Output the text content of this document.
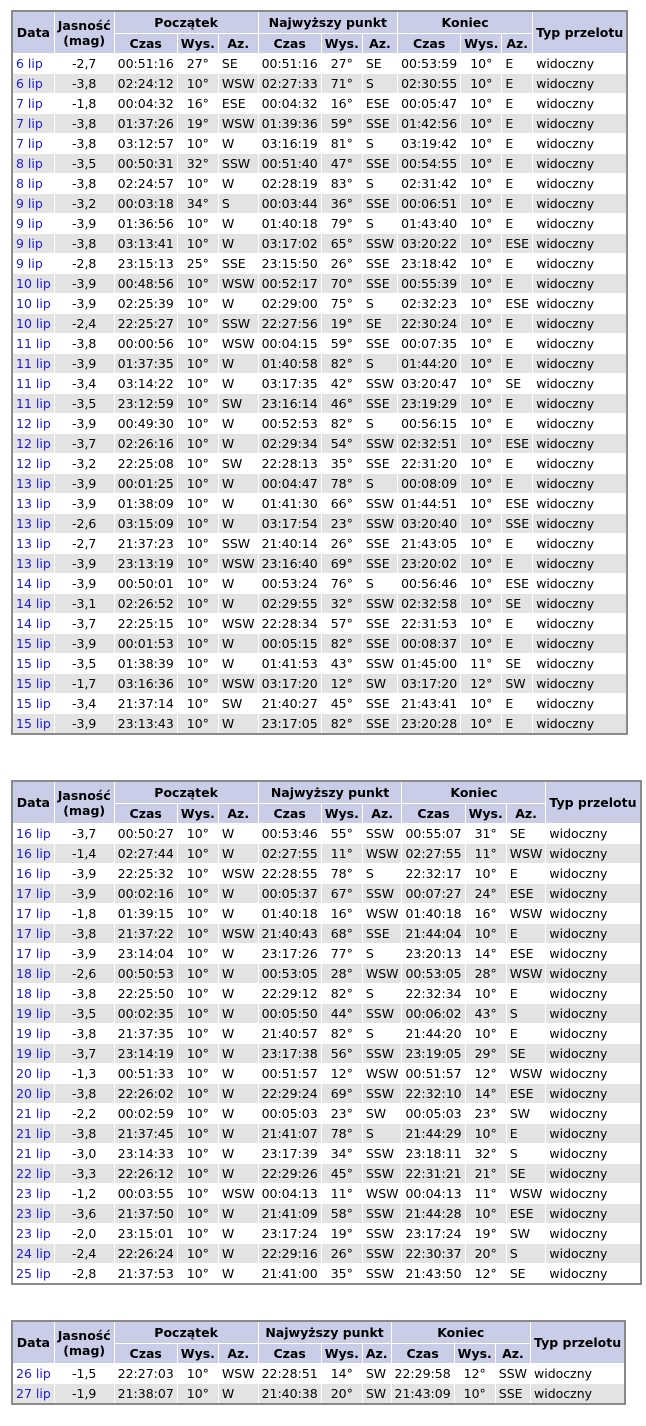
Data	Jasność
(mag)	Początek			Najwyższy punkt			Koniec			Typ przelotu
		Czas	Wys.	Az.	Czas	Wys.	Az.	Czas	Wys.	Az.	
6 lip	-2,7	00:51:16	27°	SE	00:51:16	27°	SE	00:53:59	10°	E	widoczny
6 lip	-3,8	02:24:12	10°	WSW	02:27:33	71°	S	02:30:55	10°	E	widoczny
7 lip	-1,8	00:04:32	16°	ESE	00:04:32	16°	ESE	00:05:47	10°	E	widoczny
7 lip	-3,8	01:37:26	19°	WSW	01:39:36	59°	SSE	01:42:56	10°	E	widoczny
7 lip	-3,8	03:12:57	10°	W	03:16:19	81°	S	03:19:42	10°	E	widoczny
8 lip	-3,5	00:50:31	32°	SSW	00:51:40	47°	SSE	00:54:55	10°	E	widoczny
8 lip	-3,8	02:24:57	10°	W	02:28:19	83°	S	02:31:42	10°	E	widoczny
9 lip	-3,2	00:03:18	34°	S	00:03:44	36°	SSE	00:06:51	10°	E	widoczny
9 lip	-3,9	01:36:56	10°	W	01:40:18	79°	S	01:43:40	10°	E	widoczny
9 lip	-3,8	03:13:41	10°	W	03:17:02	65°	SSW	03:20:22	10°	ESE	widoczny
9 lip	-2,8	23:15:13	25°	SSE	23:15:50	26°	SSE	23:18:42	10°	E	widoczny
10 lip	-3,9	00:48:56	10°	WSW	00:52:17	70°	SSE	00:55:39	10°	E	widoczny
10 lip	-3,9	02:25:39	10°	W	02:29:00	75°	S	02:32:23	10°	ESE	widoczny
10 lip	-2,4	22:25:27	10°	SSW	22:27:56	19°	SE	22:30:24	10°	E	widoczny
11 lip	-3,8	00:00:56	10°	WSW	00:04:15	59°	SSE	00:07:35	10°	E	widoczny
11 lip	-3,9	01:37:35	10°	W	01:40:58	82°	S	01:44:20	10°	E	widoczny
11 lip	-3,4	03:14:22	10°	W	03:17:35	42°	SSW	03:20:47	10°	SE	widoczny
11 lip	-3,5	23:12:59	10°	SW	23:16:14	46°	SSE	23:19:29	10°	E	widoczny
12 lip	-3,9	00:49:30	10°	W	00:52:53	82°	S	00:56:15	10°	E	widoczny
12 lip	-3,7	02:26:16	10°	W	02:29:34	54°	SSW	02:32:51	10°	ESE	widoczny
12 lip	-3,2	22:25:08	10°	SW	22:28:13	35°	SSE	22:31:20	10°	E	widoczny
13 lip	-3,9	00:01:25	10°	W	00:04:47	78°	S	00:08:09	10°	E	widoczny
13 lip	-3,9	01:38:09	10°	W	01:41:30	66°	SSW	01:44:51	10°	ESE	widoczny
13 lip	-2,6	03:15:09	10°	W	03:17:54	23°	SSW	03:20:40	10°	SSE	widoczny
13 lip	-2,7	21:37:23	10°	SSW	21:40:14	26°	SSE	21:43:05	10°	E	widoczny
13 lip	-3,9	23:13:19	10°	WSW	23:16:40	69°	SSE	23:20:02	10°	E	widoczny
14 lip	-3,9	00:50:01	10°	W	00:53:24	76°	S	00:56:46	10°	ESE	widoczny
14 lip	-3,1	02:26:52	10°	W	02:29:55	32°	SSW	02:32:58	10°	SE	widoczny
14 lip	-3,7	22:25:15	10°	WSW	22:28:34	57°	SSE	22:31:53	10°	E	widoczny
15 lip	-3,9	00:01:53	10°	W	00:05:15	82°	SSE	00:08:37	10°	E	widoczny
15 lip	-3,5	01:38:39	10°	W	01:41:53	43°	SSW	01:45:00	11°	SE	widoczny
15 lip	-1,7	03:16:36	10°	WSW	03:17:20	12°	SW	03:17:20	12°	SW	widoczny
15 lip	-3,4	21:37:14	10°	SW	21:40:27	45°	SSE	21:43:41	10°	E	widoczny
15 lip	-3,9	23:13:43	10°	W	23:17:05	82°	SSE	23:20:28	10°	E	widoczny
Data	Jasność
(mag)	Początek			Najwyższy punkt			Koniec			Typ przelotu
		Czas	Wys.	Az.	Czas	Wys.	Az.	Czas	Wys.	Az.	
16 lip	-3,7	00:50:27	10°	W	00:53:46	55°	SSW	00:55:07	31°	SE	widoczny
16 lip	-1,4	02:27:44	10°	W	02:27:55	11°	WSW	02:27:55	11°	WSW	widoczny
16 lip	-3,9	22:25:32	10°	WSW	22:28:55	78°	S	22:32:17	10°	E	widoczny
17 lip	-3,9	00:02:16	10°	W	00:05:37	67°	SSW	00:07:27	24°	ESE	widoczny
17 lip	-1,8	01:39:15	10°	W	01:40:18	16°	WSW	01:40:18	16°	WSW	widoczny
17 lip	-3,8	21:37:22	10°	WSW	21:40:43	68°	SSE	21:44:04	10°	E	widoczny
17 lip	-3,9	23:14:04	10°	W	23:17:26	77°	S	23:20:13	14°	ESE	widoczny
18 lip	-2,6	00:50:53	10°	W	00:53:05	28°	WSW	00:53:05	28°	WSW	widoczny
18 lip	-3,8	22:25:50	10°	W	22:29:12	82°	S	22:32:34	10°	E	widoczny
19 lip	-3,5	00:02:35	10°	W	00:05:50	44°	SSW	00:06:02	43°	S	widoczny
19 lip	-3,8	21:37:35	10°	W	21:40:57	82°	S	21:44:20	10°	E	widoczny
19 lip	-3,7	23:14:19	10°	W	23:17:38	56°	SSW	23:19:05	29°	SE	widoczny
20 lip	-1,3	00:51:33	10°	W	00:51:57	12°	WSW	00:51:57	12°	WSW	widoczny
20 lip	-3,8	22:26:02	10°	W	22:29:24	69°	SSW	22:32:10	14°	ESE	widoczny
21 lip	-2,2	00:02:59	10°	W	00:05:03	23°	SW	00:05:03	23°	SW	widoczny
21 lip	-3,8	21:37:45	10°	W	21:41:07	78°	S	21:44:29	10°	E	widoczny
21 lip	-3,0	23:14:33	10°	W	23:17:39	34°	SSW	23:18:11	32°	S	widoczny
22 lip	-3,3	22:26:12	10°	W	22:29:26	45°	SSW	22:31:21	21°	SE	widoczny
23 lip	-1,2	00:03:55	10°	WSW	00:04:13	11°	WSW	00:04:13	11°	WSW	widoczny
23 lip	-3,6	21:37:50	10°	W	21:41:09	58°	SSW	21:44:28	10°	ESE	widoczny
23 lip	-2,0	23:15:01	10°	W	23:17:24	19°	SSW	23:17:24	19°	SW	widoczny
24 lip	-2,4	22:26:24	10°	W	22:29:16	26°	SSW	22:30:37	20°	S	widoczny
25 lip	-2,8	21:37:53	10°	W	21:41:00	35°	SSW	21:43:50	12°	SE	widoczny
Data	Jasność
(mag)	Początek			Najwyższy punkt			Koniec			Typ przelotu
		Czas	Wys.	Az.	Czas	Wys.	Az.	Czas	Wys.	Az.	
26 lip	-1,5	22:27:03	10°	WSW	22:28:51	14°	SW	22:29:58	12°	SSW	widoczny
27 lip	-1,9	21:38:07	10°	W	21:40:38	20°	SW	21:43:09	10°	SSE	widoczny
